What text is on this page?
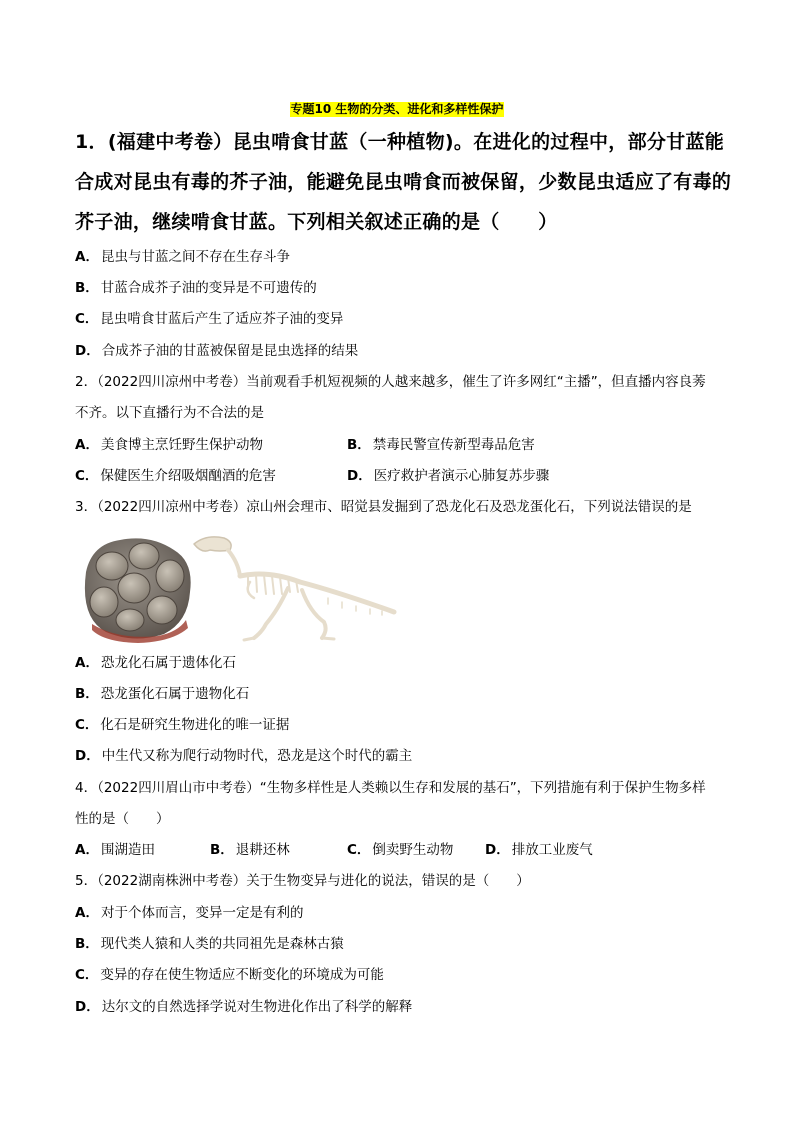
专题10 生物的分类、进化和多样性保护
1．(福建中考卷）昆虫啃食甘蓝（一种植物)。在进化的过程中，部分甘蓝能合成对昆虫有毒的芥子油，能避免昆虫啃食而被保留，少数昆虫适应了有毒的芥子油，继续啃食甘蓝。下列相关叙述正确的是（　　）
A． 昆虫与甘蓝之间不存在生存斗争
B． 甘蓝合成芥子油的变异是不可遗传的
C． 昆虫啃食甘蓝后产生了适应芥子油的变异
D． 合成芥子油的甘蓝被保留是昆虫选择的结果
2．（2022四川凉州中考卷）当前观看手机短视频的人越来越多，催生了许多网红“主播”，但直播内容良莠
不齐。以下直播行为不合法的是
A． 美食博主烹饪野生保护动物	B． 禁毒民警宣传新型毒品危害
C． 保健医生介绍吸烟酗酒的危害	D． 医疗救护者演示心肺复苏步骤
3．（2022四川凉州中考卷）凉山州会理市、昭觉县发掘到了恐龙化石及恐龙蛋化石，下列说法错误的是
A． 恐龙化石属于遗体化石
B． 恐龙蛋化石属于遗物化石
C． 化石是研究生物进化的唯一证据
D． 中生代又称为爬行动物时代，恐龙是这个时代的霸主
4．（2022四川眉山市中考卷）“生物多样性是人类赖以生存和发展的基石”，下列措施有利于保护生物多样
性的是（　　）
A． 围湖造田	B． 退耕还林	C． 倒卖野生动物 D． 排放工业废气
5．（2022湖南株洲中考卷）关于生物变异与进化的说法，错误的是（　　）
A． 对于个体而言，变异一定是有利的
B． 现代类人猿和人类的共同祖先是森林古猿
C． 变异的存在使生物适应不断变化的环境成为可能
D． 达尔文的自然选择学说对生物进化作出了科学的解释
